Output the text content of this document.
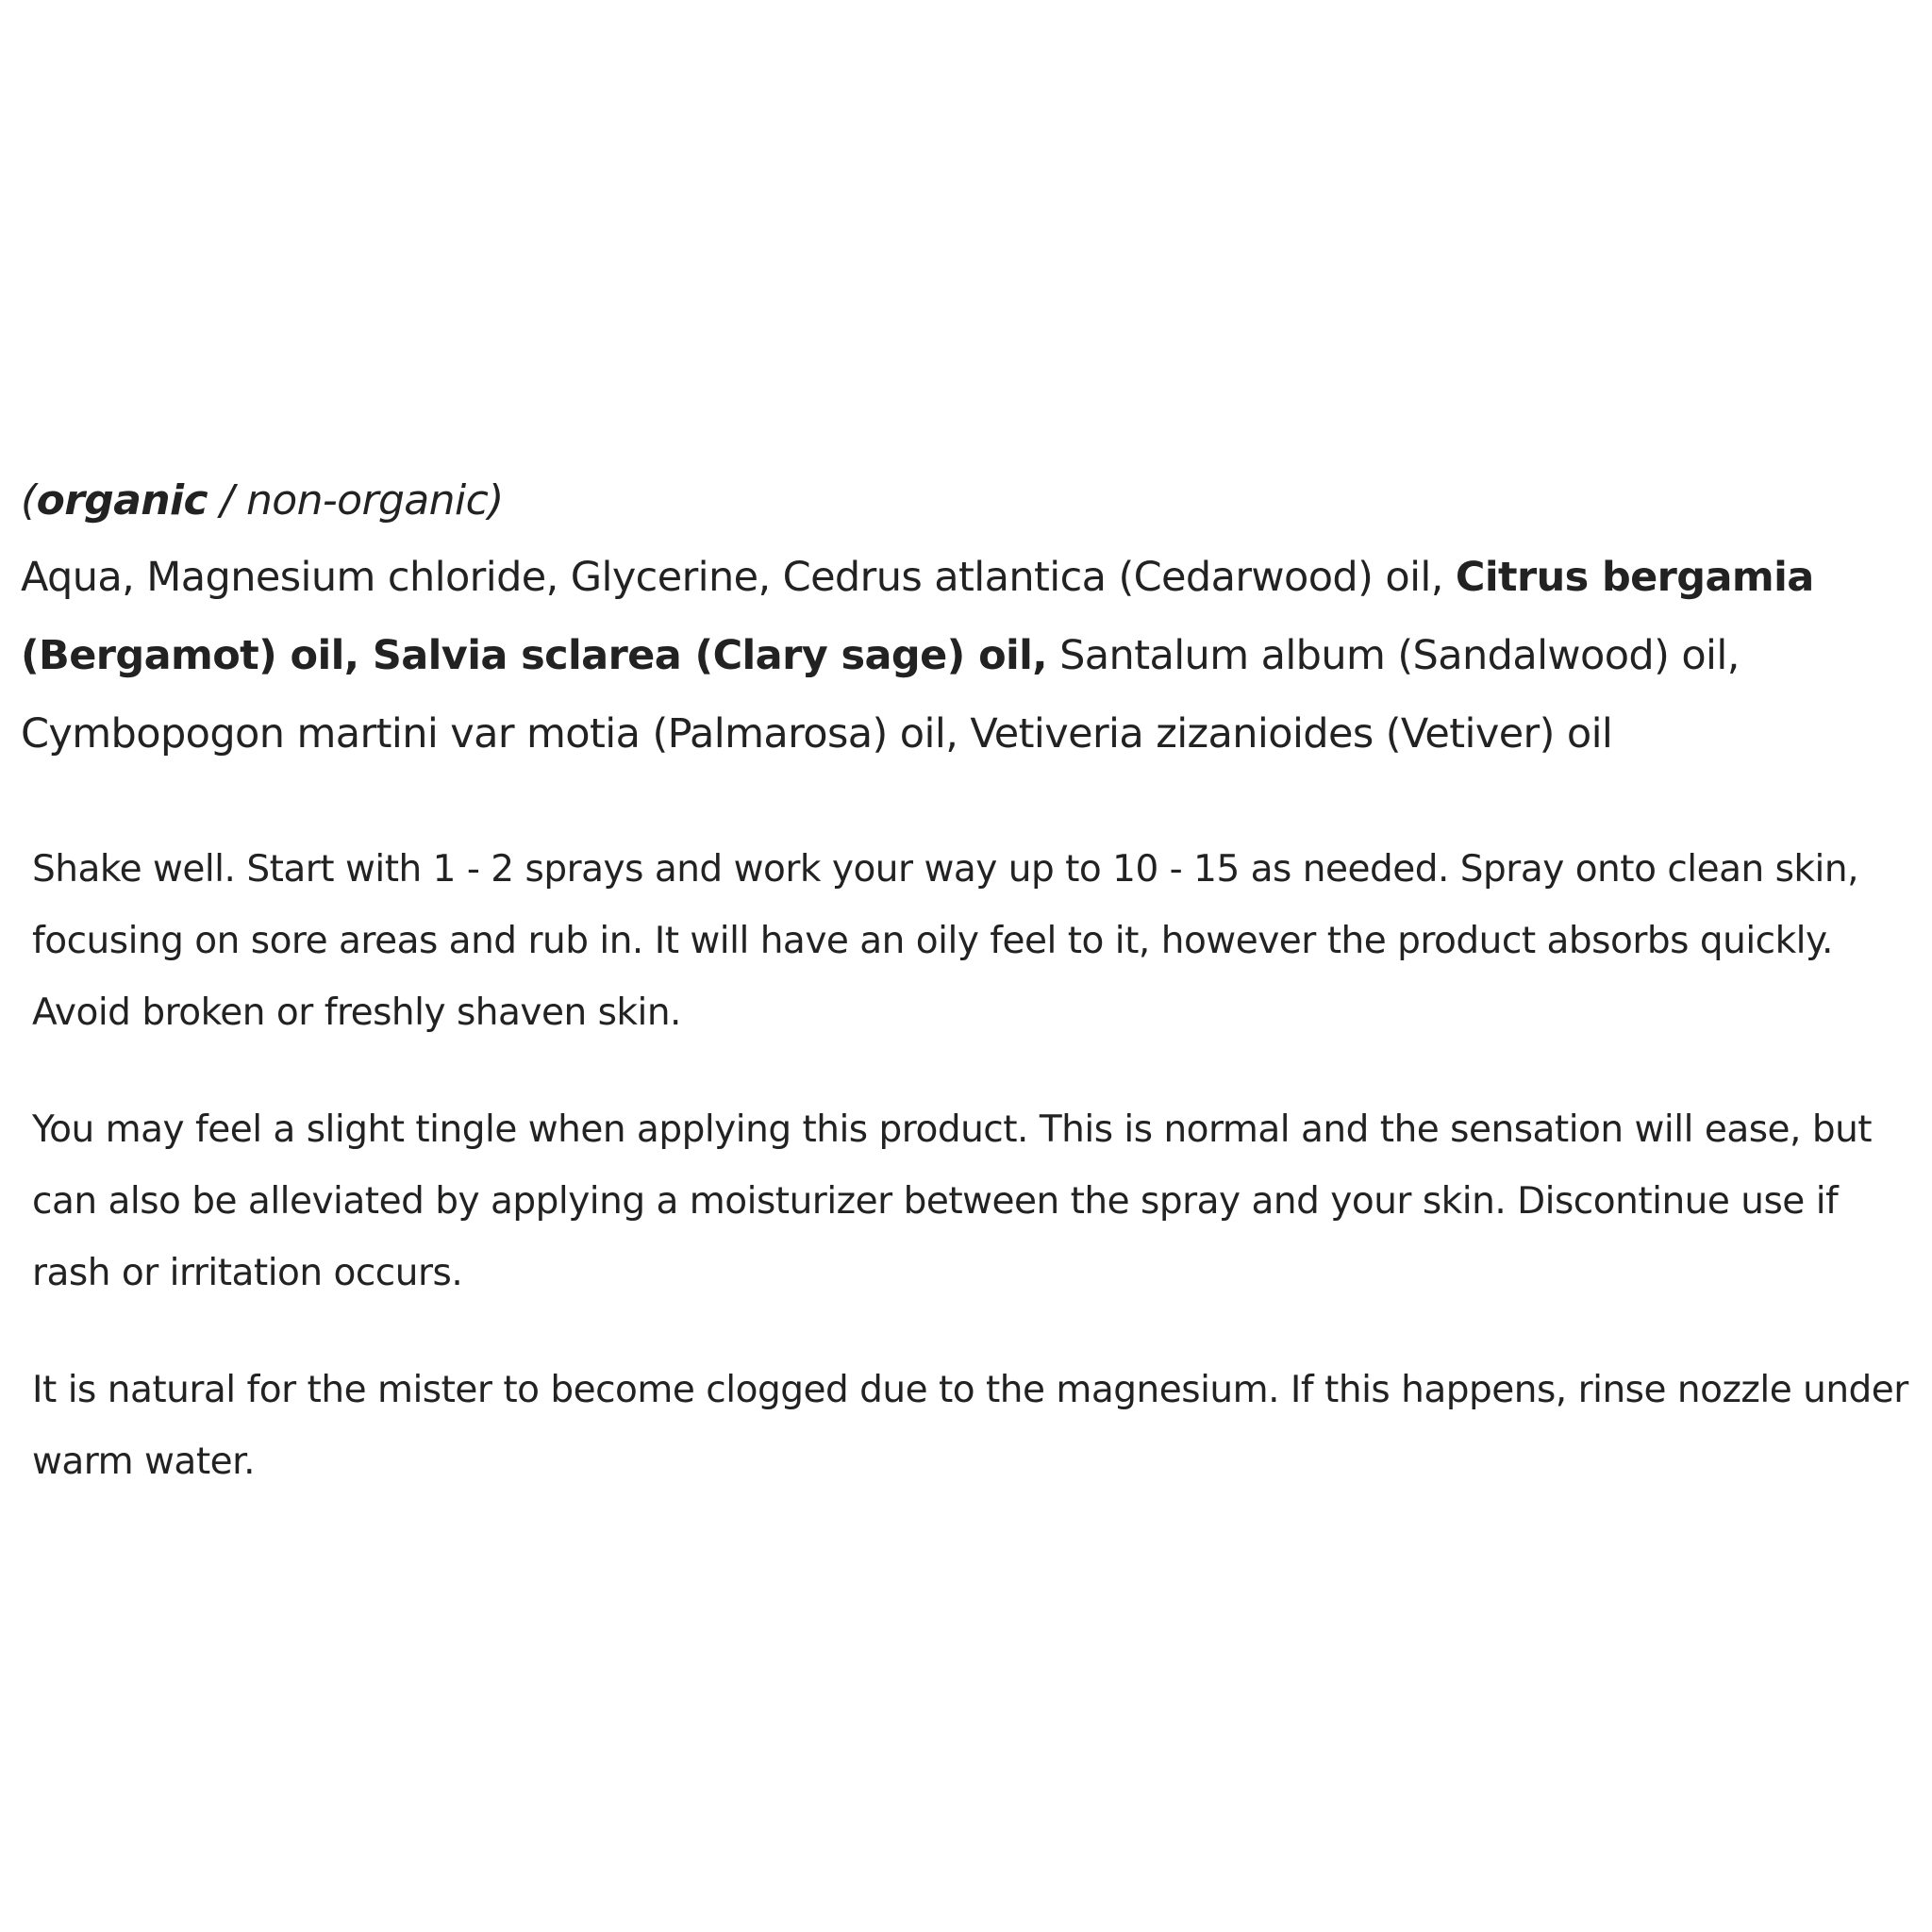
(organic / non-organic)
Aqua, Magnesium chloride, Glycerine, Cedrus atlantica (Cedarwood) oil, Citrus bergamia (Bergamot) oil, Salvia sclarea (Clary sage) oil, Santalum album (Sandalwood) oil, Cymbopogon martini var motia (Palmarosa) oil, Vetiveria zizanioides (Vetiver) oil

Shake well. Start with 1 - 2 sprays and work your way up to 10 - 15 as needed. Spray onto clean skin, focusing on sore areas and rub in. It will have an oily feel to it, however the product absorbs quickly. Avoid broken or freshly shaven skin.

You may feel a slight tingle when applying this product. This is normal and the sensation will ease, but can also be alleviated by applying a moisturizer between the spray and your skin. Discontinue use if rash or irritation occurs.

It is natural for the mister to become clogged due to the magnesium. If this happens, rinse nozzle under warm water.
